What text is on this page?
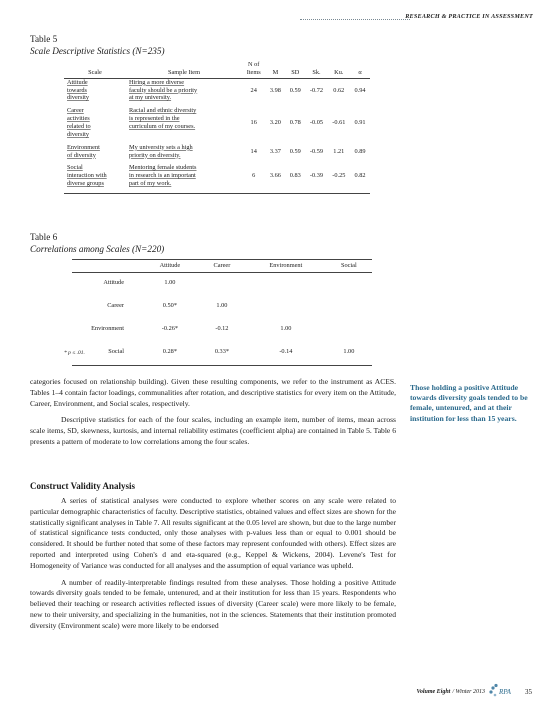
RESEARCH & PRACTICE IN ASSESSMENT
Table 5
Scale Descriptive Statistics (N=235)
		N of					
Scale	Sample Item	Items	M	SD	Sk.	Ku.	α
Attitude
towards
diversity	Hiring a more diverse
faculty should be a priority
at my university.	24	3.98	0.59	-0.72	0.62	0.94
Career
activities
related to
diversity	Racial and ethnic diversity
is represented in the
curriculum of my courses.	16	3.20	0.78	-0.05	-0.61	0.91
Environment
of diversity	My university sets a high
priority on diversity.	14	3.37	0.59	-0.59	1.21	0.89
Social
interaction with
diverse groups	Mentoring female students
in research is an important
part of my work.	6	3.66	0.83	-0.39	-0.25	0.82
Table 6
Correlations among Scales (N=220)
	Attitude	Career	Environment	Social
Attitude	1.00			
Career	0.50*	1.00		
Environment	-0.26*	-0.12	1.00	
Social	0.28*	0.33*	-0.14	1.00
* p ≤ .01.

categories focused on relationship building). Given these resulting components, we refer to the instrument as ACES. Tables 1–4 contain factor loadings, communalities after rotation, and descriptive statistics for every item on the Attitude, Career, Environment, and Social scales, respectively.

Descriptive statistics for each of the four scales, including an example item, number of items, mean across scale items, SD, skewness, kurtosis, and internal reliability estimates (coefficient alpha) are contained in Table 5. Table 6 presents a pattern of moderate to low correlations among the four scales.

Construct Validity Analysis

A series of statistical analyses were conducted to explore whether scores on any scale were related to particular demographic characteristics of faculty. Descriptive statistics, obtained values and effect sizes are shown for the statistically significant analyses in Table 7. All results significant at the 0.05 level are shown, but due to the large number of statistical significance tests conducted, only those analyses with p-values less than or equal to 0.001 should be considered. It should be further noted that some of these factors may represent confounded with others). Effect sizes are reported and interpreted using Cohen's d and eta-squared (e.g., Keppel & Wickens, 2004). Levene's Test for Homogeneity of Variance was conducted for all analyses and the assumption of equal variance was upheld.

A number of readily-interpretable findings resulted from these analyses. Those holding a positive Attitude towards diversity goals tended to be female, untenured, and at their institution for less than 15 years. Respondents who believed their teaching or research activities reflected issues of diversity (Career scale) were more likely to be female, new to their university, and specializing in the humanities, not in the sciences. Statements that their institution promoted diversity (Environment scale) were more likely to be endorsed

Those holding a positive Attitude towards diversity goals tended to be female, untenured, and at their institution for less than 15 years.
Volume Eight / Winter 2013 RPA 35
